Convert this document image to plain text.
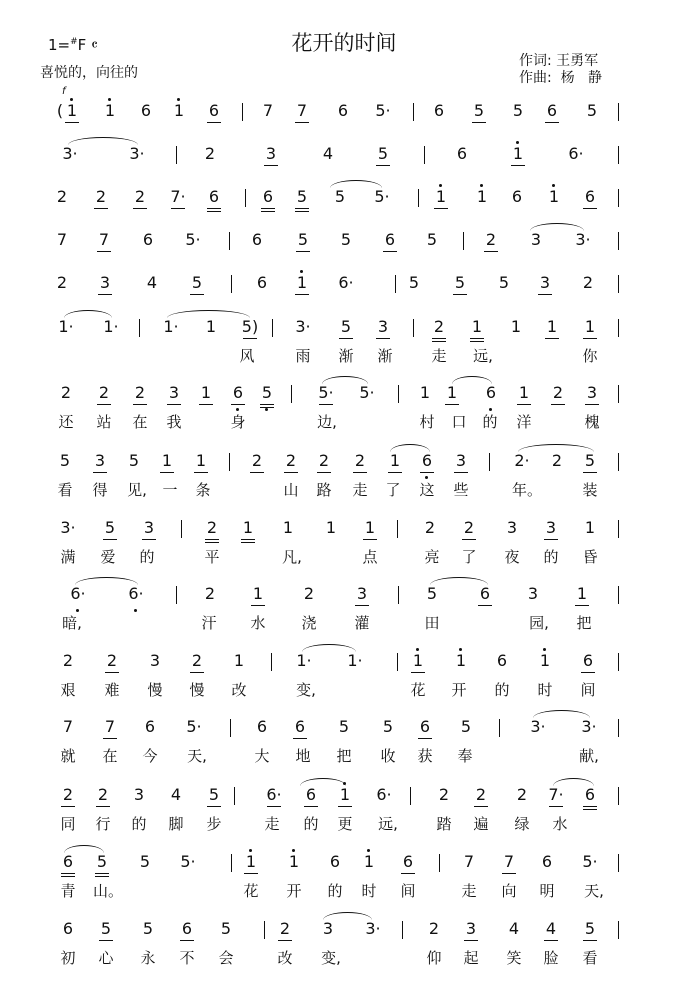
花开的时间
1=#F 𝄴
喜悦的，向往的
作词: 王勇军
作曲:  杨   静
f
( 1 1 6 1 6	7 7 6 5·	6 5 5 6 5
3·	3·	2	3	4	5	6	1	6·
2 2 2 7· 6	6 5 5 5·	1 1 6 1 6
7 7 6 5·	6 5 5 6 5	2 3 3·
2 3 4 5	6 1 6·	5 5 5 3 2
1· 1·	1· 1 5) 3· 5 3	2 1 1 1 1
风	雨 渐 渐	走 远,	你
2 2 2 3 1 6 5	5· 5·	1 1 6 1 2 3
还 站 在 我	身	边,	村 口 的 洋	槐
5 3 5 1 1	2 2 2 2 1 6 3	2· 2 5
看 得 见, 一 条	山 路 走 了 这 些	年。	装
3· 5 3	2 1 1 1 1	2 2 3 3 1
满 爱 的	平	凡,	点	亮 了 夜 的 昏
6·	6·	2 1	2	3	5	6 3 1
暗,	汗 水 浇	灌	田	园, 把
2 2 3 2 1	1· 1·	1 1 6 1 6
艰 难 慢 慢 改	变,	花 开 的 时 间
7 7 6 5·	6 6 5 5 6 5	3· 3·
就 在 今 天,	大 地 把 收 获 奉	献,
2 2 3 4 5	6· 6 1 6·	2 2 2 7· 6
同 行 的 脚 步	走 的 更 远,	踏 遍 绿 水
6 5 5 5·	1 1 6 1 6	7 7 6 5·
青 山。	花 开 的 时 间	走 向 明 天,
6 5 5 6 5	2 3 3·	2 3 4 4 5
初 心 永 不 会	改 变,	仰 起 笑 脸 看
